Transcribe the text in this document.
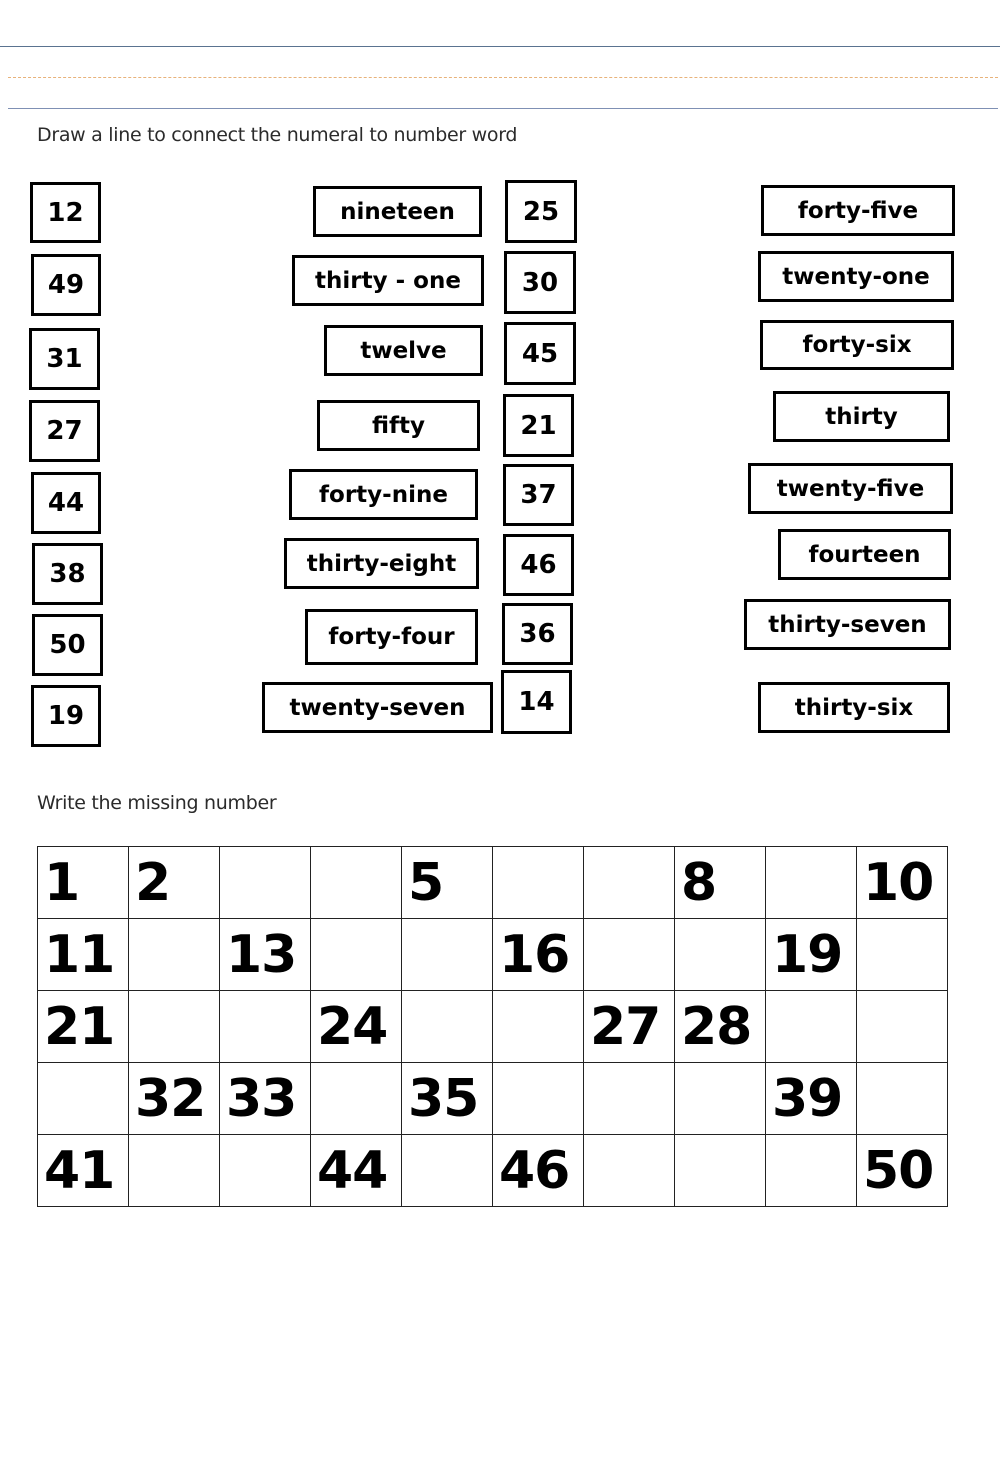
Draw a line to connect the numeral to number word
12
49
31
27
44
38
50
19
nineteen
thirty - one
twelve
fifty
forty-nine
thirty-eight
forty-four
twenty-seven
25
30
45
21
37
46
36
14
forty-five
twenty-one
forty-six
thirty
twenty-five
fourteen
thirty-seven
thirty-six
Write the missing number
1	2			5			8		10
11		13			16			19	
21			24			27	28		
	32	33		35				39	
41			44		46				50
